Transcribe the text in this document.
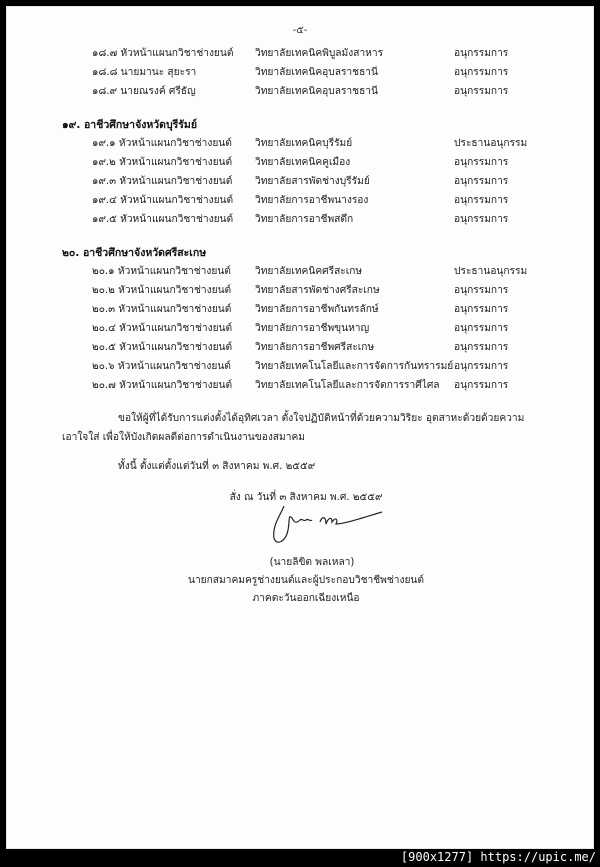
-๕-
๑๘.๗ หัวหน้าแผนกวิชาช่างยนต์ วิทยาลัยเทคนิคพิบูลมังสาหาร	อนุกรรมการ
๑๘.๘ นายมานะ สุยะรา	วิทยาลัยเทคนิคอุบลราชธานี	อนุกรรมการ
๑๘.๙ นายณรงค์ ศรีธัญ	วิทยาลัยเทคนิคอุบลราชธานี	อนุกรรมการ
๑๙. อาชีวศึกษาจังหวัดบุรีรัมย์
๑๙.๑ หัวหน้าแผนกวิชาช่างยนต์ วิทยาลัยเทคนิคบุรีรัมย์	ประธานอนุกรรม
๑๙.๒ หัวหน้าแผนกวิชาช่างยนต์ วิทยาลัยเทคนิคคูเมือง	อนุกรรมการ
๑๙.๓ หัวหน้าแผนกวิชาช่างยนต์ วิทยาลัยสารพัดช่างบุรีรัมย์	อนุกรรมการ
๑๙.๔ หัวหน้าแผนกวิชาช่างยนต์ วิทยาลัยการอาชีพนางรอง	อนุกรรมการ
๑๙.๕ หัวหน้าแผนกวิชาช่างยนต์ วิทยาลัยการอาชีพสตึก	อนุกรรมการ
๒๐. อาชีวศึกษาจังหวัดศรีสะเกษ
๒๐.๑ หัวหน้าแผนกวิชาช่างยนต์ วิทยาลัยเทคนิคศรีสะเกษ	ประธานอนุกรรม
๒๐.๒ หัวหน้าแผนกวิชาช่างยนต์ วิทยาลัยสารพัดช่างศรีสะเกษ	อนุกรรมการ
๒๐.๓ หัวหน้าแผนกวิชาช่างยนต์ วิทยาลัยการอาชีพกันทรลักษ์	อนุกรรมการ
๒๐.๔ หัวหน้าแผนกวิชาช่างยนต์ วิทยาลัยการอาชีพขุนหาญ	อนุกรรมการ
๒๐.๕ หัวหน้าแผนกวิชาช่างยนต์ วิทยาลัยการอาชีพศรีสะเกษ	อนุกรรมการ
๒๐.๖ หัวหน้าแผนกวิชาช่างยนต์ วิทยาลัยเทคโนโลยีและการจัดการกันทรารมย์ อนุกรรมการ
๒๐.๗ หัวหน้าแผนกวิชาช่างยนต์ วิทยาลัยเทคโนโลยีและการจัดการราศีไศล อนุกรรมการ
ขอให้ผู้ที่ได้รับการแต่งตั้งได้อุทิศเวลา ตั้งใจปฏิบัติหน้าที่ด้วยความวิริยะ อุตสาหะด้วยด้วยความ
เอาใจใส่ เพื่อให้บังเกิดผลดีต่อการดำเนินงานของสมาคม
ทั้งนี้ ตั้งแต่ตั้งแต่วันที่ ๓ สิงหาคม พ.ศ. ๒๕๕๙
สั่ง ณ วันที่ ๓ สิงหาคม พ.ศ. ๒๕๕๙
(นายลิขิต พลเหลา)
นายกสมาคมครูช่างยนต์และผู้ประกอบวิชาชีพช่างยนต์
ภาคตะวันออกเฉียงเหนือ
[900x1277] https://upic.me/
